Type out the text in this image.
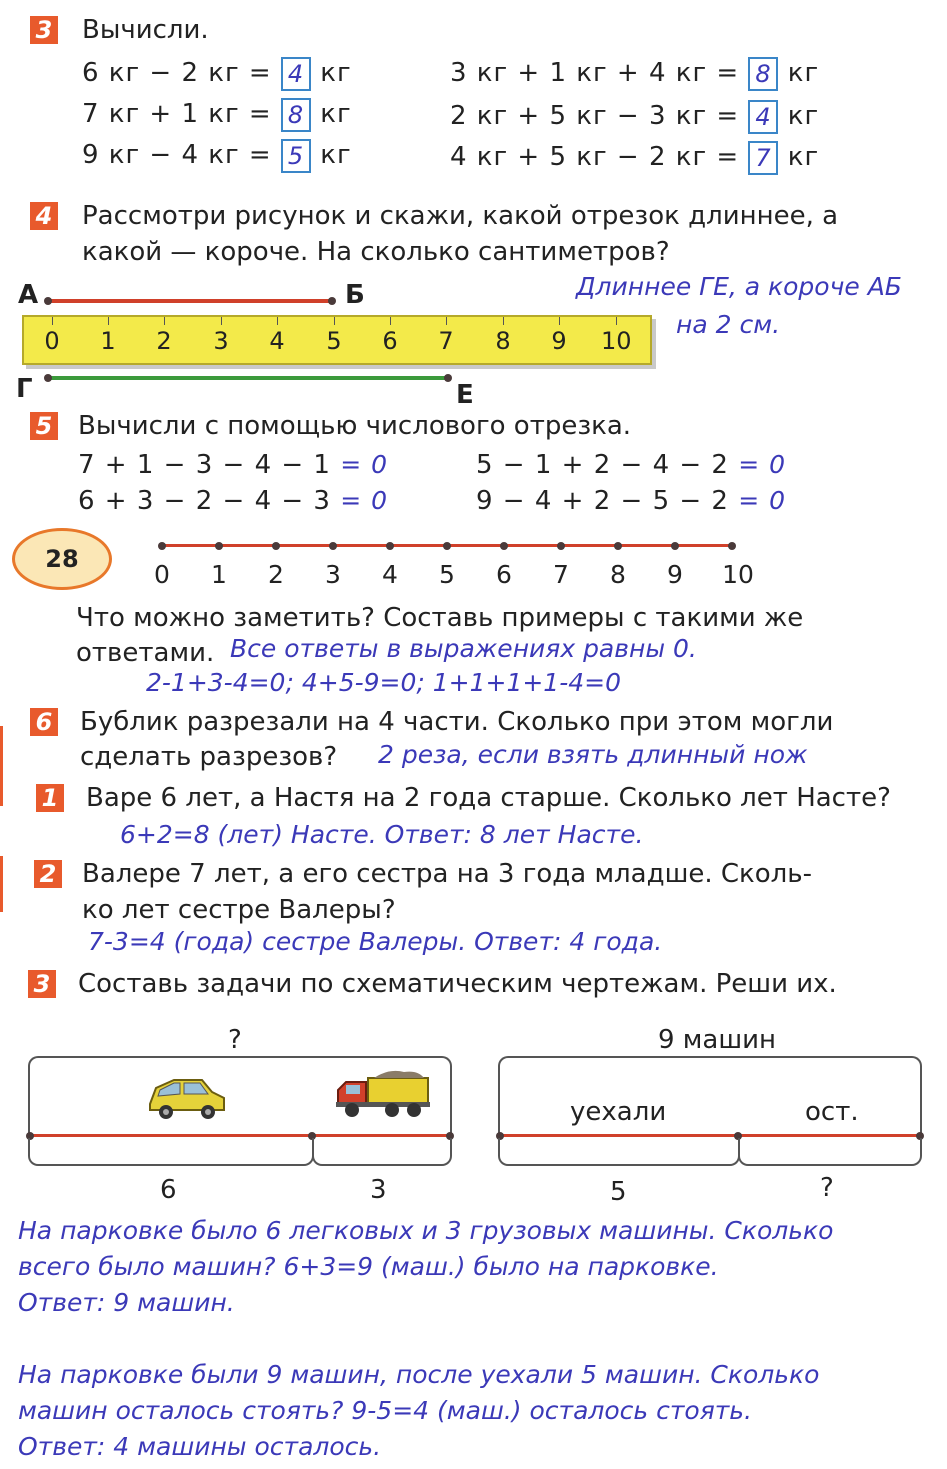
3 Вычисли.
6 кг − 2 кг = 4 кг
7 кг + 1 кг = 8 кг
9 кг − 4 кг = 5 кг
3 кг + 1 кг + 4 кг = 8 кг
2 кг + 5 кг − 3 кг = 4 кг
4 кг + 5 кг − 2 кг = 7 кг
4 Рассмотри рисунок и скажи, какой отрезок длиннее, а
какой — короче. На сколько сантиметров?
А	Б
0	1	2	3	4	5	6	7	8	9	10
Г	Е
Длиннее ГЕ, а короче АБ
на 2 см.
5 Вычисли с помощью числового отрезка.
7 + 1 − 3 − 4 − 1 = 0
6 + 3 − 2 − 4 − 3 = 0
5 − 1 + 2 − 4 − 2 = 0
9 − 4 + 2 − 5 − 2 = 0
28
0	1	2	3	4	5	6	7	8	9	10
Что можно заметить? Составь примеры с такими же
ответами. Все ответы в выражениях равны 0.
2-1+3-4=0; 4+5-9=0; 1+1+1+1-4=0
6 Бублик разрезали на 4 части. Сколько при этом могли
сделать разрезов? 2 реза, если взять длинный нож
1 Варе 6 лет, а Настя на 2 года старше. Сколько лет Насте?
6+2=8 (лет) Насте. Ответ: 8 лет Насте.
2 Валере 7 лет, а его сестра на 3 года младше. Сколь-
ко лет сестре Валеры?
7-3=4 (года) сестре Валеры. Ответ: 4 года.
3 Составь задачи по схематическим чертежам. Реши их.
?
6	3
9 машин
уехали	ост.
5	?
На парковке было 6 легковых и 3 грузовых машины. Сколько
всего было машин? 6+3=9 (маш.) было на парковке.
Ответ: 9 машин.
На парковке были 9 машин, после уехали 5 машин. Сколько
машин осталось стоять? 9-5=4 (маш.) осталось стоять.
Ответ: 4 машины осталось.
